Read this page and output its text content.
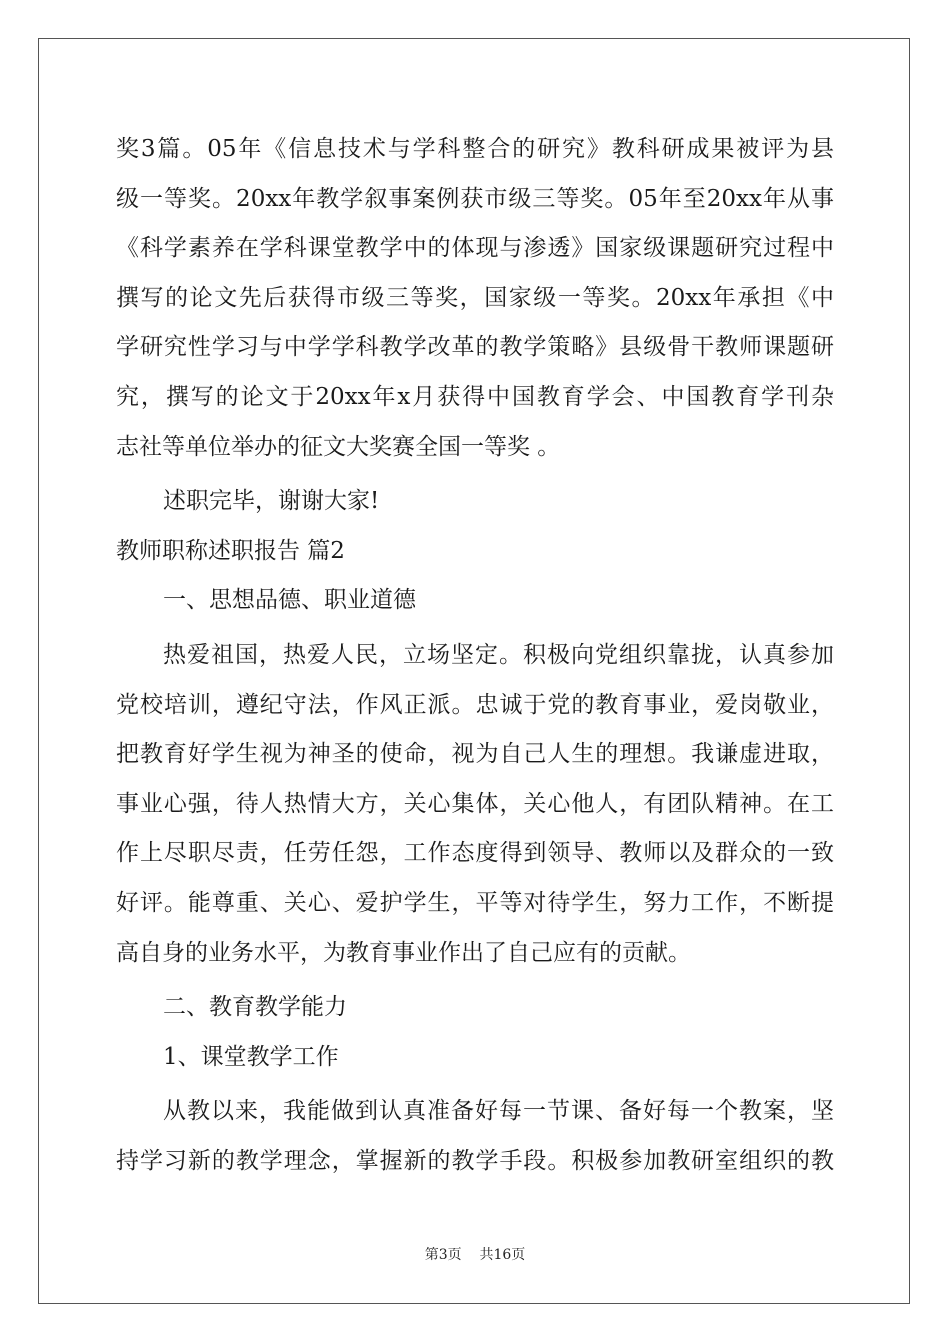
奖3篇。05年《信息技术与学科整合的研究》教科研成果被评为县
级一等奖。20xx年教学叙事案例获市级三等奖。05年至20xx年从事
《科学素养在学科课堂教学中的体现与渗透》国家级课题研究过程中
撰写的论文先后获得市级三等奖，国家级一等奖。20xx年承担《中
学研究性学习与中学学科教学改革的教学策略》县级骨干教师课题研
究，撰写的论文于20xx年x月获得中国教育学会、中国教育学刊杂
志社等单位举办的征文大奖赛全国一等奖 。
述职完毕，谢谢大家!
教师职称述职报告 篇2
一、思想品德、职业道德
热爱祖国，热爱人民，立场坚定。积极向党组织靠拢，认真参加
党校培训，遵纪守法，作风正派。忠诚于党的教育事业，爱岗敬业，
把教育好学生视为神圣的使命，视为自己人生的理想。我谦虚进取，
事业心强，待人热情大方，关心集体，关心他人，有团队精神。在工
作上尽职尽责，任劳任怨，工作态度得到领导、教师以及群众的一致
好评。能尊重、关心、爱护学生，平等对待学生，努力工作，不断提
高自身的业务水平，为教育事业作出了自己应有的贡献。
二、教育教学能力
1、课堂教学工作
从教以来，我能做到认真准备好每一节课、备好每一个教案，坚
持学习新的教学理念，掌握新的教学手段。积极参加教研室组织的教
第3页    共16页
